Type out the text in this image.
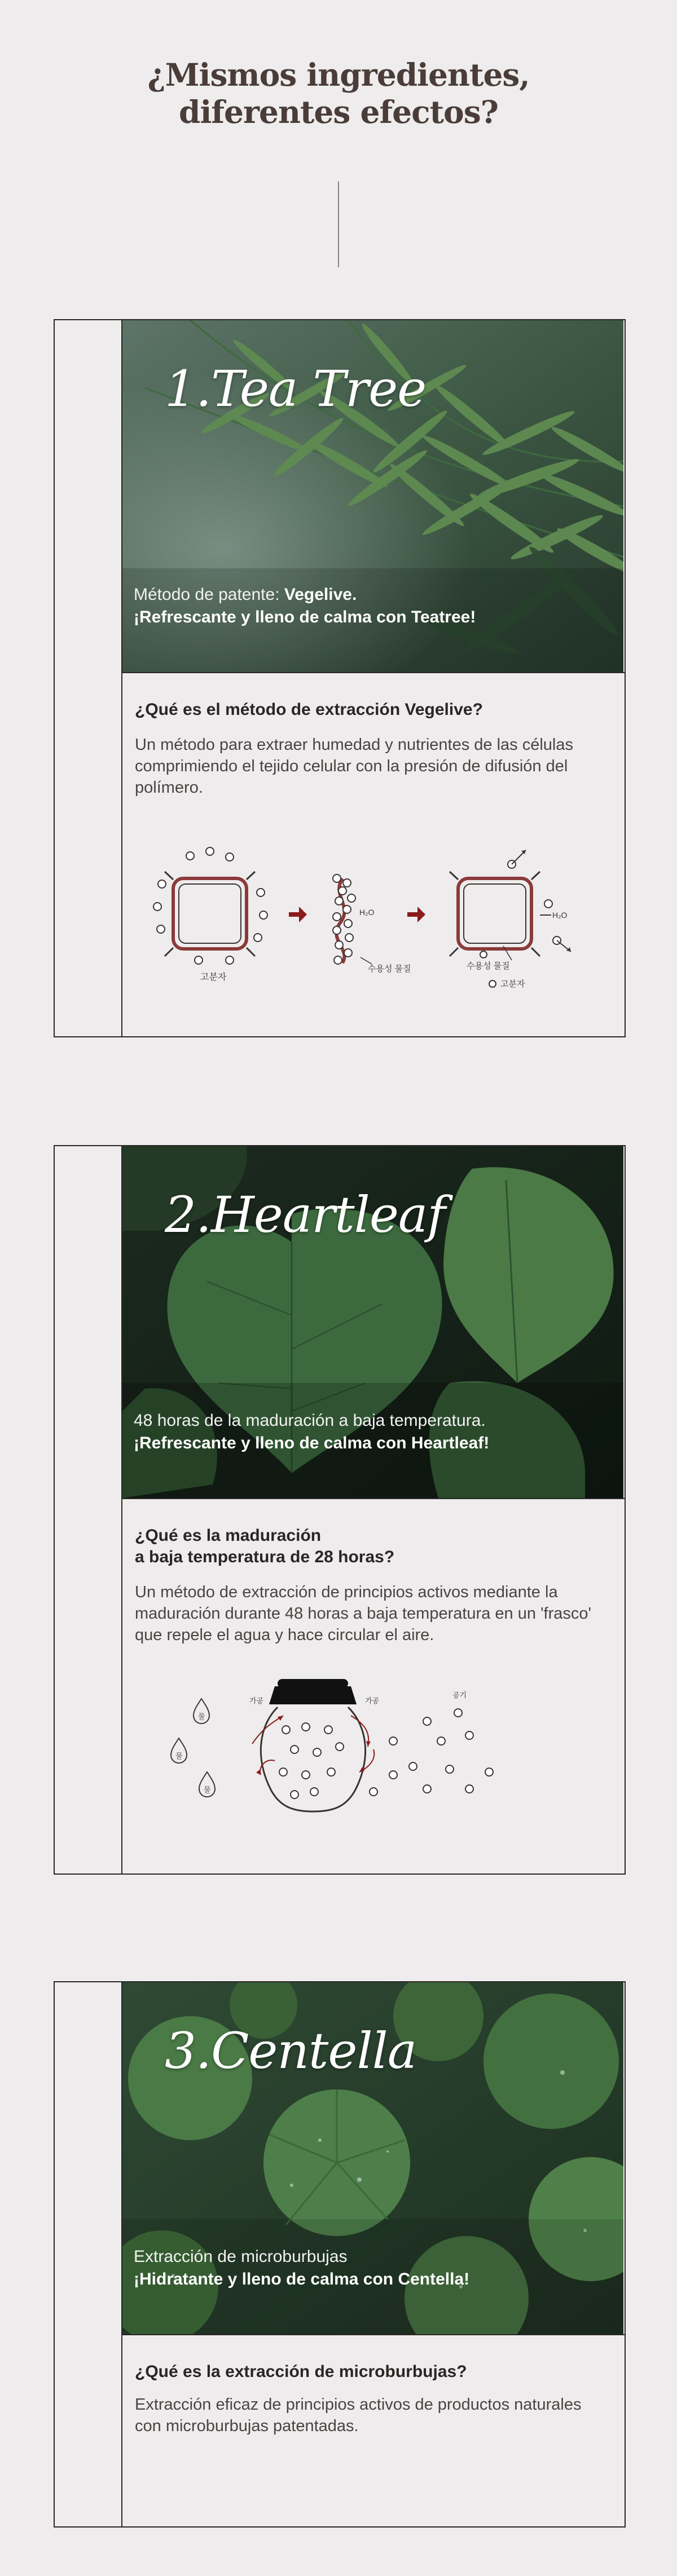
¿Mismos ingredientes,
diferentes efectos?
1.Tea Tree
Método de patente: Vegelive.
¡Refrescante y lleno de calma con Teatree!
¿Qué es el método de extracción Vegelive?
Un método para extraer humedad y nutrientes de las células comprimiendo el tejido celular con la presión de difusión del polímero.
고분자
H₂O
수용성 물질
H₂O
수용성 물질
고분자
2.Heartleaf
48 horas de la maduración a baja temperatura.
¡Refrescante y lleno de calma con Heartleaf!
¿Qué es la maduración
a baja temperatura de 28 horas?
Un método de extracción de principios activos mediante la maduración durante 48 horas a baja temperatura en un 'frasco' que repele el agua y hace circular el aire.
물
물
물
가공	가공
공기
3.Centella
Extracción de microburbujas
¡Hidratante y lleno de calma con Centella!
¿Qué es la extracción de microburbujas?
Extracción eficaz de principios activos de productos naturales con microburbujas patentadas.
